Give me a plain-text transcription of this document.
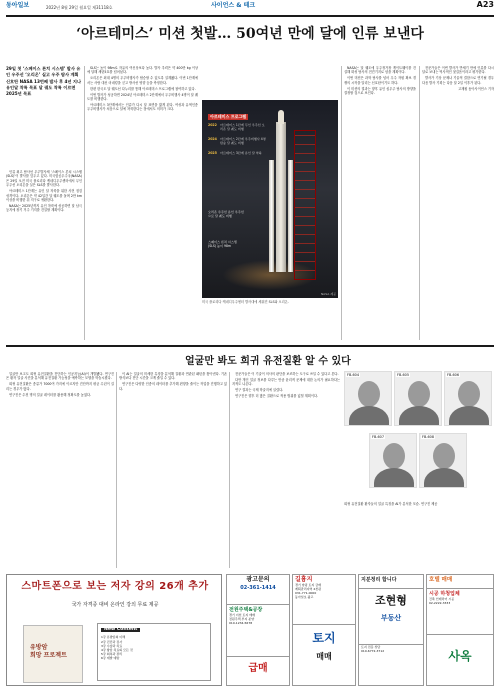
동아일보	2022년 8월 29일 월요일 제31118호	사이언스 & 테크	A23
‘아르테미스’ 미션 첫발… 50여년 만에 달에 인류 보낸다
29일 첫 ‘스페이스 론치 시스템’ 발사 유인 우주선 ‘오리온’ 실고 우주 탐사 계획 신호탄 NASA 13번째 발사 후 4년 지나 유인달 착륙 목표 달 궤도 착륙 이르면 2025년 목표

인류 최고 탐사선 우주발사체 ‘스페이스 론치 시스템(SLS)’이 발사를 앞두고 있다. 미국항공우주국(NASA)은 29일 오전 미국 플로리다 케네디우주센터에서 무인 우주선 오리온을 실은 SLS를 발사한다.

아르테미스 1단계는 유인 달 착륙을 위한 사전 점검 성격이다. 오리온은 약 42일간 달 궤도를 돌며 2만 km 이상을 비행한 뒤 지구로 귀환한다.

NASA는 2025년까지 유인 착륙에 성공하면 달 남극 등지에 장기 거주 기지를 건설할 계획이다.

SLS는 높이 98m로 자유의 여신상보다 높다. 발사 추력은 약 400만 kg 이상에 달해 새턴5호를 넘어섰다.

오리온은 최대 4명의 우주비행사가 탑승할 수 있도록 설계됐다. 이번 1단계에서는 사람 대신 마네킹을 싣고 방사선 영향 등을 측정한다.

한편 한국도 달 궤도선 다누리를 통해 아르테미스 프로그램에 참여하고 있다.

이번 발사가 성공하면 2024년 아르테미스 2단계에서 우주비행사 4명이 달 궤도를 비행한다.

아르테미스 3단계에서는 인류가 다시 달 표면을 밟게 된다. 여성과 유색인종 우주비행사가 처음으로 달에 착륙한다는 점에서도 의미가 크다.

아르테미스 프로그램
2022	아르테미스 1단계 무인 우주선 오리온 달 궤도 비행
2024	아르테미스 2단계 우주비행사 4명 탑승 달 궤도 비행
2025	아르테미스 3단계 유인 달 착륙
오리온 우주선 유인 우주선으로 달 궤도 비행
스페이스 론치 시스템(SLS) 높이 98m
NASA 제공
미국 플로리다 케네디우주센터 발사대에 세워진 SLS와 오리온.

NASA는 달 궤도에 우주정거장 게이트웨이를 건설해 화성 탐사의 전진기지로 삼을 계획이다.

이번 미션은 과학 탐사를 넘어 우주 자원 확보 경쟁의 시작을 알리는 신호탄이기도 하다.

이 미션의 결과는 향후 유인 심우주 탐사의 방향을 결정할 것으로 보인다.

전문가들은 이번 발사가 반세기 만에 인류를 다시 달로 보내는 역사적인 첫걸음이라고 평가한다.

발사가 기상 문제나 기술적 결함으로 연기될 경우 다음 발사 기회는 다음 달 2일 이후가 된다.

고재원 동아사이언스 기자

얼굴만 봐도 희귀 유전질환 알 수 있다

얼굴만 보고도 희귀 유전질환을 진단하는 인공지능(AI)이 개발됐다. 연구진은 환자 얼굴 사진을 분석해 유전질환 가능성을 예측하는 모델을 학습시켰다.

희귀 유전질환은 종류가 7000여 가지에 이르지만 진단까지 평균 수년이 걸리는 경우가 많다.

연구진은 수천 명의 얼굴 데이터를 활용해 정확도를 높였다.

이 AI는 얼굴의 미세한 특징을 분석해 질환과 연관된 패턴을 찾아낸다. 기존 방식보다 진단 시간을 크게 줄일 수 있다.

연구진은 다양한 인종의 데이터를 추가해 편향을 줄이는 작업을 진행하고 있다.

전문가들은 이 기술이 의사의 판단을 보조하는 도구로 쓰일 수 있다고 본다.

다만 개인 얼굴 정보를 다루는 만큼 윤리적 문제에 대한 논의가 필요하다는 지적도 나온다.

연구 결과는 국제 학술지에 실렸다.

연구진은 향후 더 많은 질환으로 적용 범위를 넓힐 계획이다.

FB-604	FB-605	FB-606
FB-607	FB-608
희귀 유전질환 환자들의 얼굴 특징을 AI가 분석한 모습. 연구진 제공
스마트폰으로 보는 저자 강의 26개 추가
국가 자격증 대비 온라인 강의 무료 제공
유방암
희망 프로젝트
New Content
1강 유방암의 이해
2강 진단과 검사
3강 수술과 치료
4강 항암 치료의 모든 것
5강 회복과 관리
6강 재발 예방
광고문의
02-361-1414
전원주택&공장
경기 이천 토지 매매
전원주택 부지 분양
010-1234-5678
급매
길흉지
경기 양평 토지 급매
계획관리지역 2천평
031-771-0000
동아일보 광고
토지
매매
지분정리 합니다
조현형
부동산
토지 전문 상담
010-6772-3712
호텔 매매
시공 하청업체
건축 인테리어 시공
02-2222-3333
사옥
